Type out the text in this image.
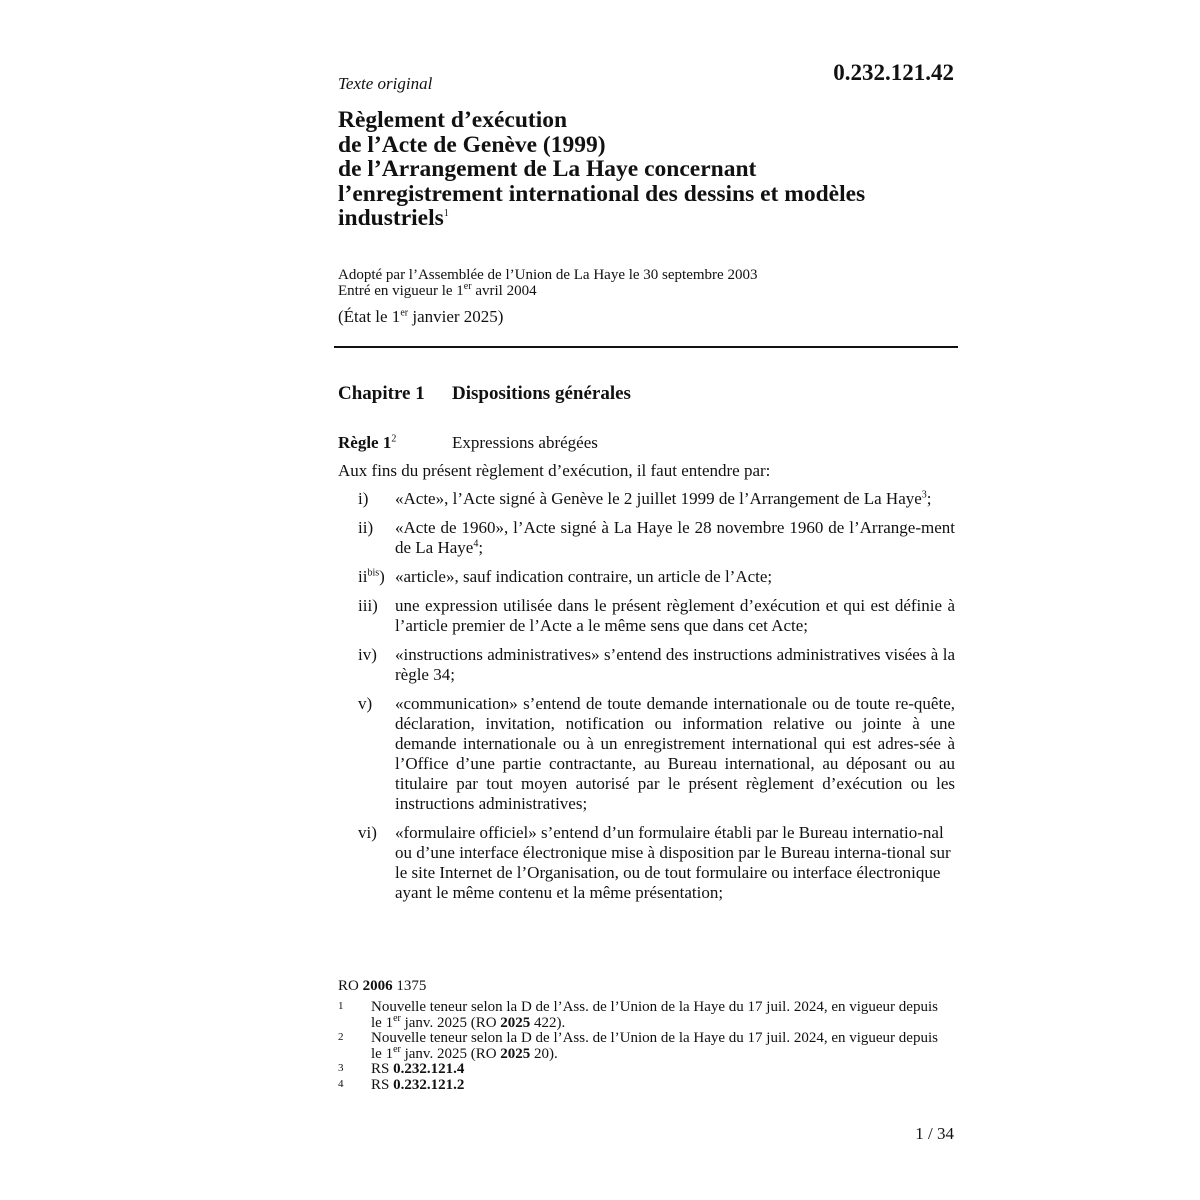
Texte original	0.232.121.42
Règlement d’exécution
de l’Acte de Genève (1999)
de l’Arrangement de La Haye concernant
l’enregistrement international des dessins et modèles
industriels$^1$
Adopté par l’Assemblée de l’Union de La Haye le 30 septembre 2003
Entré en vigueur le 1er avril 2004
(État le 1er janvier 2025)
Chapitre 1 Dispositions générales
Règle 1$^2$	Expressions abrégées
Aux fins du présent règlement d’exécution, il faut entendre par:
i)	«Acte», l’Acte signé à Genève le 2 juillet 1999 de l’Arrangement de La Haye$^3$;
ii)	«Acte de 1960», l’Acte signé à La Haye le 28 novembre 1960 de l’Arrange-ment de La Haye$^4$;
$ii^{bis}$) «article», sauf indication contraire, un article de l’Acte;
iii)	une expression utilisée dans le présent règlement d’exécution et qui est définie à l’article premier de l’Acte a le même sens que dans cet Acte;
iv)	«instructions administratives» s’entend des instructions administratives visées à la règle 34;
v)	«communication» s’entend de toute demande internationale ou de toute re-quête, déclaration, invitation, notification ou information relative ou jointe à une demande internationale ou à un enregistrement international qui est adres-sée à l’Office d’une partie contractante, au Bureau international, au déposant ou au titulaire par tout moyen autorisé par le présent règlement d’exécution ou les instructions administratives;
vi)	«formulaire officiel» s’entend d’un formulaire établi par le Bureau internatio-nal ou d’une interface électronique mise à disposition par le Bureau interna-tional sur le site Internet de l’Organisation, ou de tout formulaire ou interface électronique ayant le même contenu et la même présentation;
RO 2006 1375
1	Nouvelle teneur selon la D de l’Ass. de l’Union de la Haye du 17 juil. 2024, en vigueur depuis le 1er janv. 2025 (RO 2025 422).
2	Nouvelle teneur selon la D de l’Ass. de l’Union de la Haye du 17 juil. 2024, en vigueur depuis le 1er janv. 2025 (RO 2025 20).
3	RS 0.232.121.4
4	RS 0.232.121.2
1 / 34
